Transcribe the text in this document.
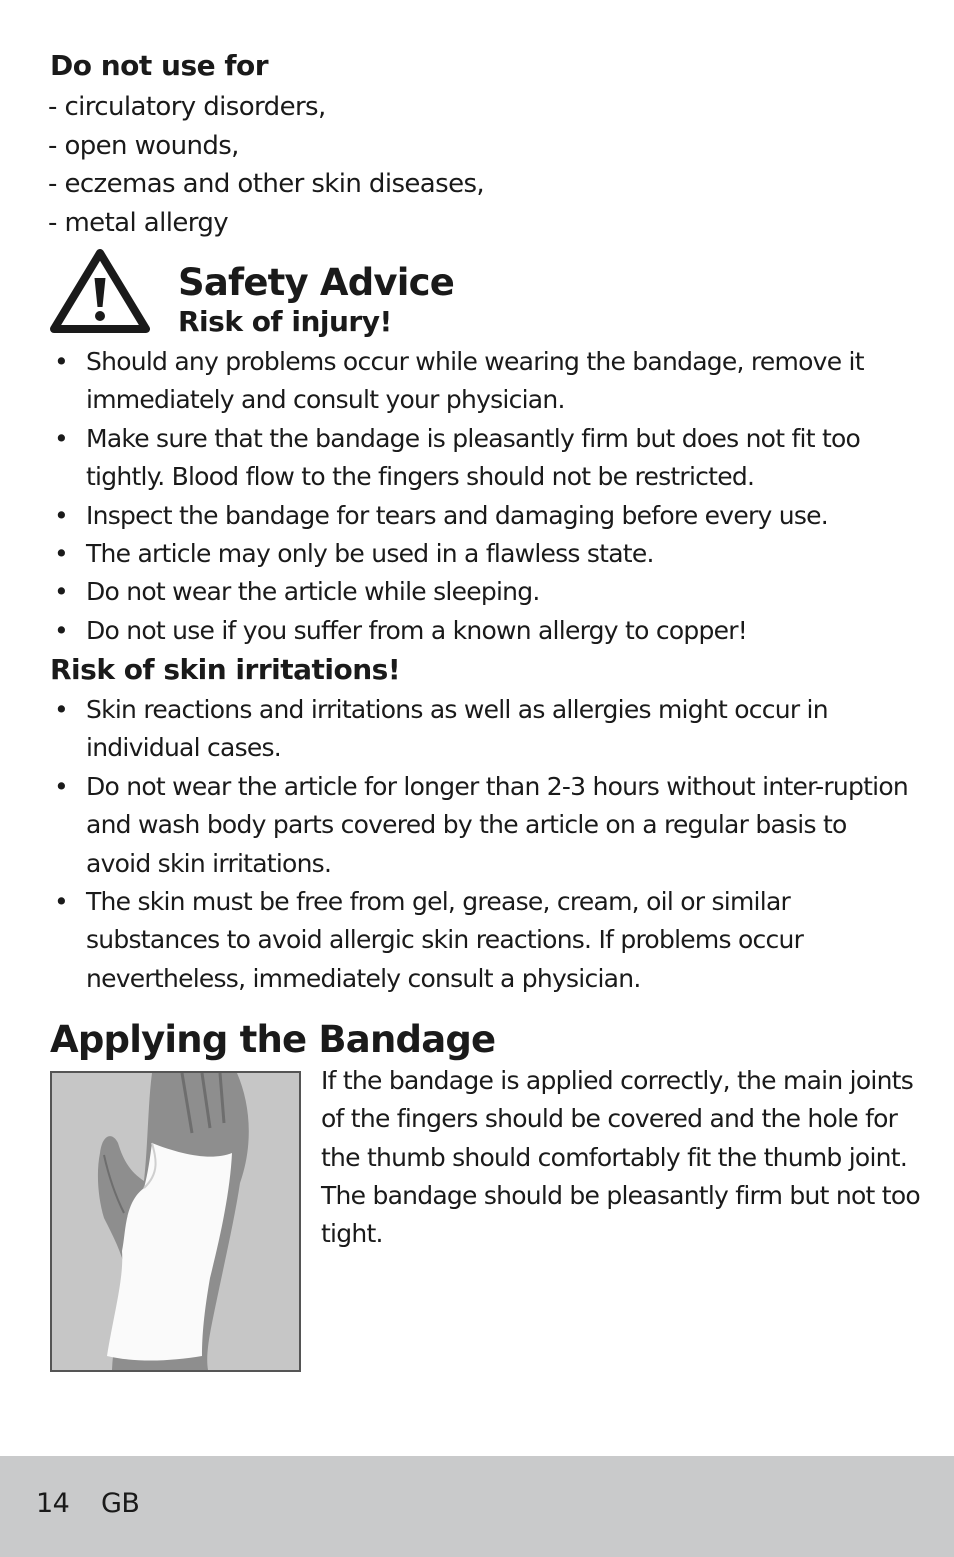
Do not use for
- circulatory disorders,
- open wounds,
- eczemas and other skin diseases,
- metal allergy
Safety Advice
Risk of injury!
• Should any problems occur while wearing the bandage, remove it immediately and consult your physician.
• Make sure that the bandage is pleasantly firm but does not fit too tightly. Blood flow to the fingers should not be restricted.
• Inspect the bandage for tears and damaging before every use.
• The article may only be used in a flawless state.
• Do not wear the article while sleeping.
• Do not use if you suffer from a known allergy to copper!
Risk of skin irritations!
• Skin reactions and irritations as well as allergies might occur in individual cases.
• Do not wear the article for longer than 2-3 hours without inter-ruption and wash body parts covered by the article on a regular basis to avoid skin irritations.
• The skin must be free from gel, grease, cream, oil or similar substances to avoid allergic skin reactions. If problems occur nevertheless, immediately consult a physician.
Applying the Bandage

If the bandage is applied correctly, the main joints of the fingers should be covered and the hole for the thumb should comfortably fit the thumb joint. The bandage should be pleasantly firm but not too tight.

14 GB
